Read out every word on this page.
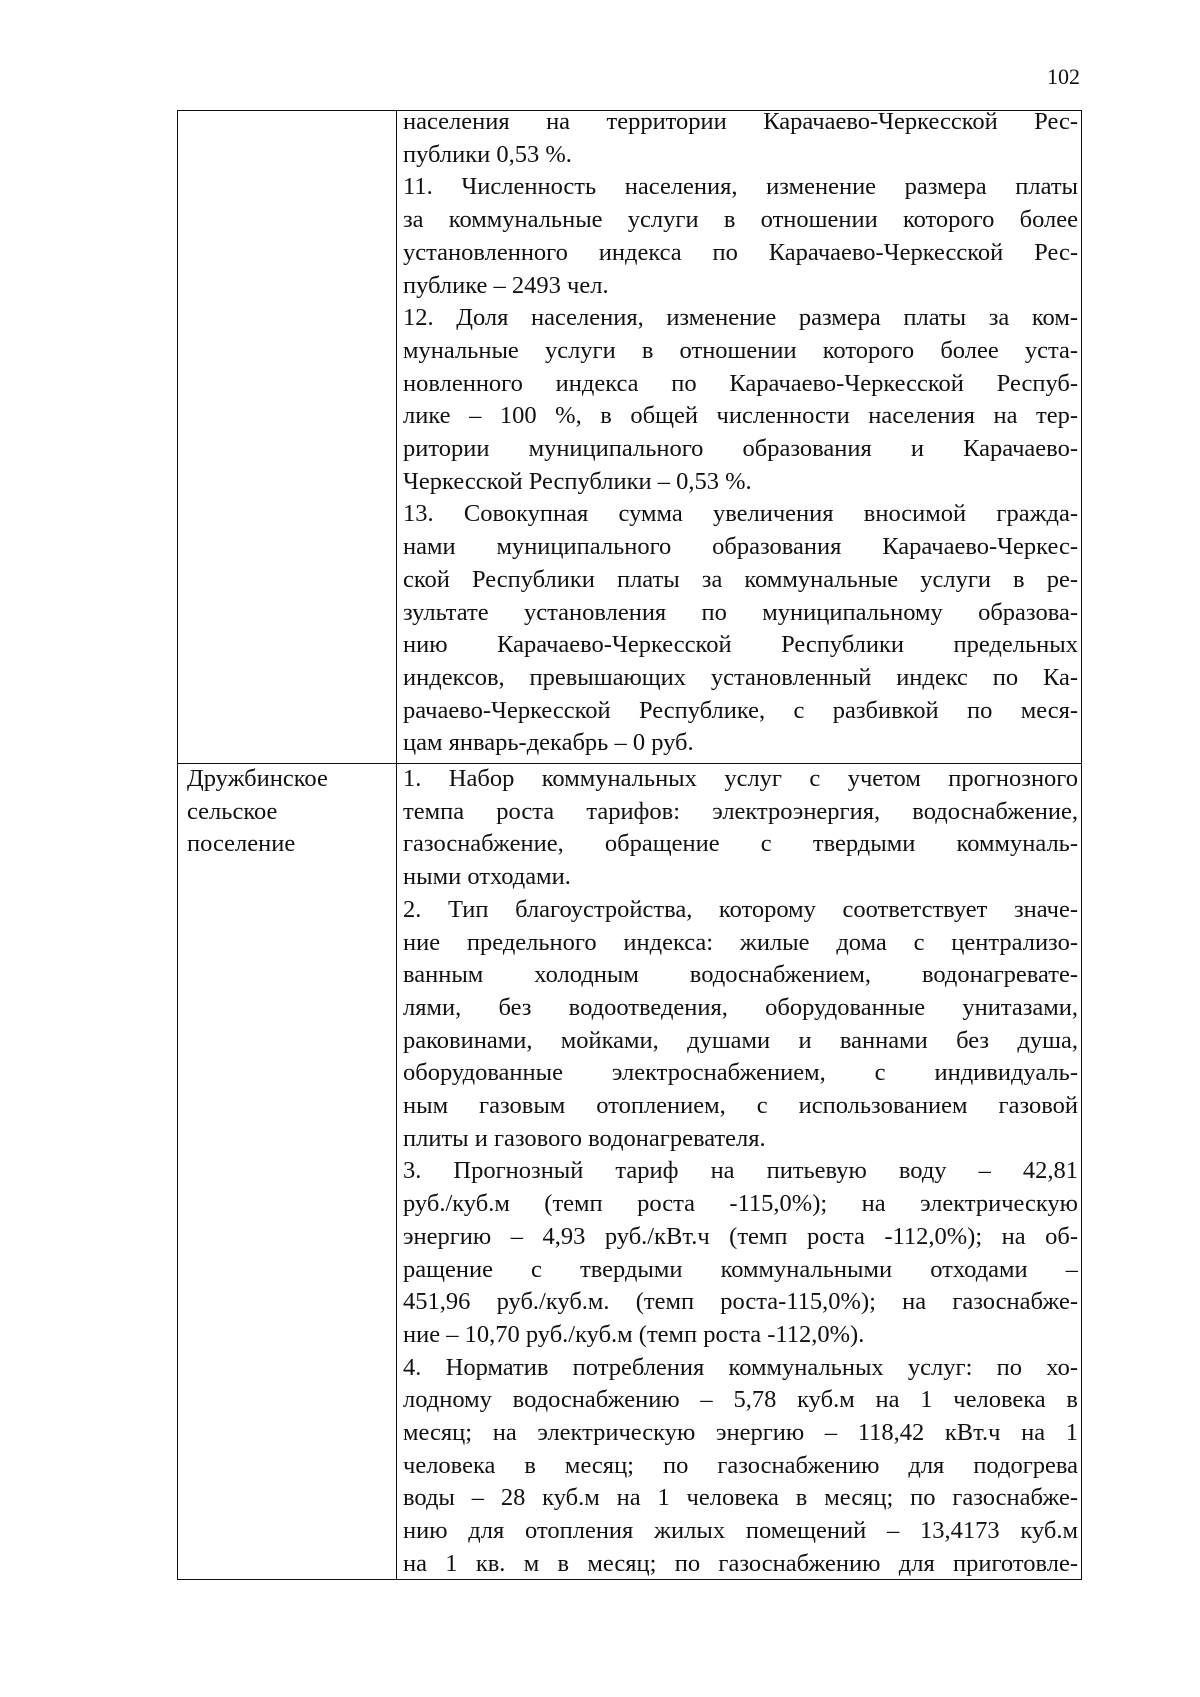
102
населения на территории Карачаево-Черкесской Рес-
публики 0,53 %.
11. Численность населения, изменение размера платы
за коммунальные услуги в отношении которого более
установленного индекса по Карачаево-Черкесской Рес-
публике – 2493 чел.
12. Доля населения, изменение размера платы за ком-
мунальные услуги в отношении которого более уста-
новленного индекса по Карачаево-Черкесской Респуб-
лике – 100 %, в общей численности населения на тер-
ритории муниципального образования и Карачаево-
Черкесской Республики – 0,53 %.
13. Совокупная сумма увеличения вносимой гражда-
нами муниципального образования Карачаево-Черкес-
ской Республики платы за коммунальные услуги в ре-
зультате установления по муниципальному образова-
нию Карачаево-Черкесской Республики предельных
индексов, превышающих установленный индекс по Ка-
рачаево-Черкесской Республике, с разбивкой по меся-
цам январь-декабрь – 0 руб.
Дружбинское
сельское
поселение
1. Набор коммунальных услуг с учетом прогнозного
темпа роста тарифов: электроэнергия, водоснабжение,
газоснабжение, обращение с твердыми коммуналь-
ными отходами.
2. Тип благоустройства, которому соответствует значе-
ние предельного индекса: жилые дома с централизо-
ванным холодным водоснабжением, водонагревате-
лями, без водоотведения, оборудованные унитазами,
раковинами, мойками, душами и ваннами без душа,
оборудованные электроснабжением, с индивидуаль-
ным газовым отоплением, с использованием газовой
плиты и газового водонагревателя.
3. Прогнозный тариф на питьевую воду – 42,81
руб./куб.м (темп роста -115,0%); на электрическую
энергию – 4,93 руб./кВт.ч (темп роста -112,0%); на об-
ращение с твердыми коммунальными отходами –
451,96 руб./куб.м. (темп роста-115,0%); на газоснабже-
ние – 10,70 руб./куб.м (темп роста -112,0%).
4. Норматив потребления коммунальных услуг: по хо-
лодному водоснабжению – 5,78 куб.м на 1 человека в
месяц; на электрическую энергию – 118,42 кВт.ч на 1
человека в месяц; по газоснабжению для подогрева
воды – 28 куб.м на 1 человека в месяц; по газоснабже-
нию для отопления жилых помещений – 13,4173 куб.м
на 1 кв. м в месяц; по газоснабжению для приготовле-
